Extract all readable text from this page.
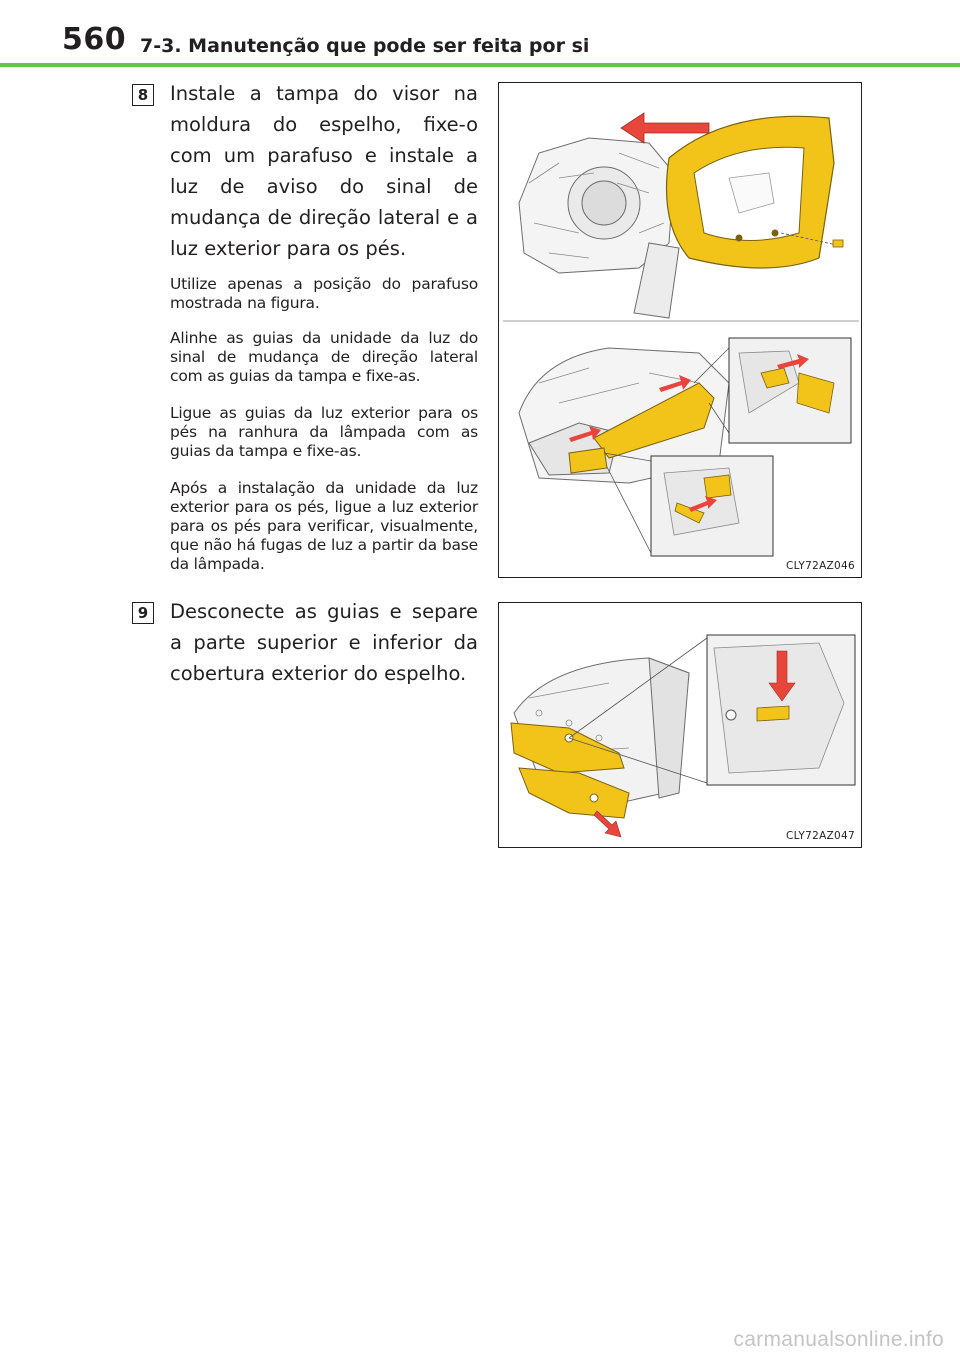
560 7-3. Manutenção que pode ser feita por si
8 Instale a tampa do visor na moldura do espelho, fixe-o com um parafuso e instale a luz de aviso do sinal de mudança de direção lateral e a luz exterior para os pés.

Utilize apenas a posição do parafuso mostrada na figura.

Alinhe as guias da unidade da luz do sinal de mudança de direção lateral com as guias da tampa e fixe-as.

Ligue as guias da luz exterior para os pés na ranhura da lâmpada com as guias da tampa e fixe-as.

Após a instalação da unidade da luz exterior para os pés, ligue a luz exterior para os pés para verificar, visualmente, que não há fugas de luz a partir da base da lâmpada.	CLY72AZ046
9 Desconecte as guias e separe a parte superior e inferior da cobertura exterior do espelho.

CLY72AZ047
carmanualsonline.info
